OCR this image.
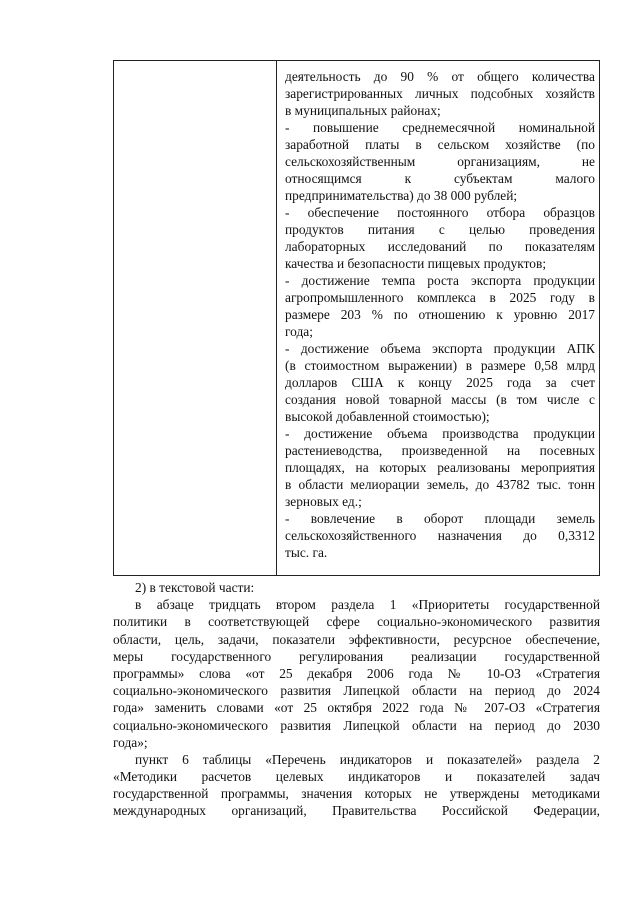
деятельность до 90 % от общего количества
зарегистрированных личных подсобных хозяйств
в муниципальных районах;
- повышение среднемесячной номинальной
заработной платы в сельском хозяйстве (по
сельскохозяйственным организациям, не
относящимся к субъектам малого
предпринимательства) до 38 000 рублей;
- обеспечение постоянного отбора образцов
продуктов питания с целью проведения
лабораторных исследований по показателям
качества и безопасности пищевых продуктов;
- достижение темпа роста экспорта продукции
агропромышленного комплекса в 2025 году в
размере 203 % по отношению к уровню 2017
года;
- достижение объема экспорта продукции АПК
(в стоимостном выражении) в размере 0,58 млрд
долларов США к концу 2025 года за счет
создания новой товарной массы (в том числе с
высокой добавленной стоимостью);
- достижение объема производства продукции
растениеводства, произведенной на посевных
площадях, на которых реализованы мероприятия
в области мелиорации земель, до 43782 тыс. тонн
зерновых ед.;
- вовлечение в оборот площади земель
сельскохозяйственного назначения до 0,3312
тыс. га.
2) в текстовой части:
в абзаце тридцать втором раздела 1 «Приоритеты государственной
политики в соответствующей сфере социально-экономического развития
области, цель, задачи, показатели эффективности, ресурсное обеспечение,
меры государственного регулирования реализации государственной
программы» слова «от 25 декабря 2006 года № 10-ОЗ «Стратегия
социально-экономического развития Липецкой области на период до 2024
года» заменить словами «от 25 октября 2022 года № 207-ОЗ «Стратегия
социально-экономического развития Липецкой области на период до 2030
года»;
пункт 6 таблицы «Перечень индикаторов и показателей» раздела 2
«Методики расчетов целевых индикаторов и показателей задач
государственной программы, значения которых не утверждены методиками
международных организаций, Правительства Российской Федерации,
